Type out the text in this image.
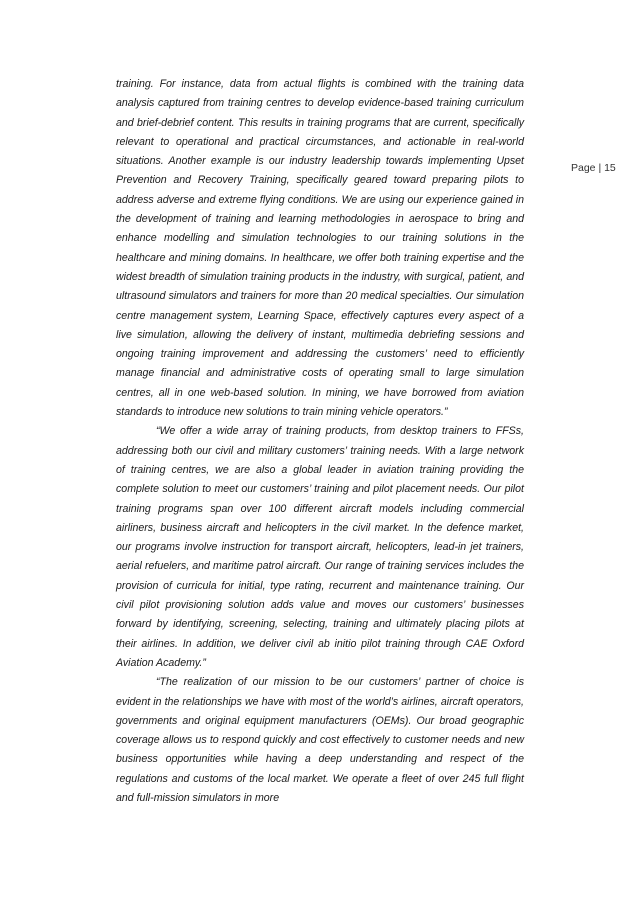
Page | 15

training. For instance, data from actual flights is combined with the training data analysis captured from training centres to develop evidence-based training curriculum and brief-debrief content. This results in training programs that are current, specifically relevant to operational and practical circumstances, and actionable in real-world situations. Another example is our industry leadership towards implementing Upset Prevention and Recovery Training, specifically geared toward preparing pilots to address adverse and extreme flying conditions. We are using our experience gained in the development of training and learning methodologies in aerospace to bring and enhance modelling and simulation technologies to our training solutions in the healthcare and mining domains. In healthcare, we offer both training expertise and the widest breadth of simulation training products in the industry, with surgical, patient, and ultrasound simulators and trainers for more than 20 medical specialties. Our simulation centre management system, Learning Space, effectively captures every aspect of a live simulation, allowing the delivery of instant, multimedia debriefing sessions and ongoing training improvement and addressing the customers’ need to efficiently manage financial and administrative costs of operating small to large simulation centres, all in one web-based solution. In mining, we have borrowed from aviation standards to introduce new solutions to train mining vehicle operators.”

“We offer a wide array of training products, from desktop trainers to FFSs, addressing both our civil and military customers’ training needs. With a large network of training centres, we are also a global leader in aviation training providing the complete solution to meet our customers’ training and pilot placement needs. Our pilot training programs span over 100 different aircraft models including commercial airliners, business aircraft and helicopters in the civil market. In the defence market, our programs involve instruction for transport aircraft, helicopters, lead-in jet trainers, aerial refuelers, and maritime patrol aircraft. Our range of training services includes the provision of curricula for initial, type rating, recurrent and maintenance training. Our civil pilot provisioning solution adds value and moves our customers’ businesses forward by identifying, screening, selecting, training and ultimately placing pilots at their airlines. In addition, we deliver civil ab initio pilot training through CAE Oxford Aviation Academy.”

“The realization of our mission to be our customers’ partner of choice is evident in the relationships we have with most of the world’s airlines, aircraft operators, governments and original equipment manufacturers (OEMs). Our broad geographic coverage allows us to respond quickly and cost effectively to customer needs and new business opportunities while having a deep understanding and respect of the regulations and customs of the local market. We operate a fleet of over 245 full flight and full-mission simulators in more
